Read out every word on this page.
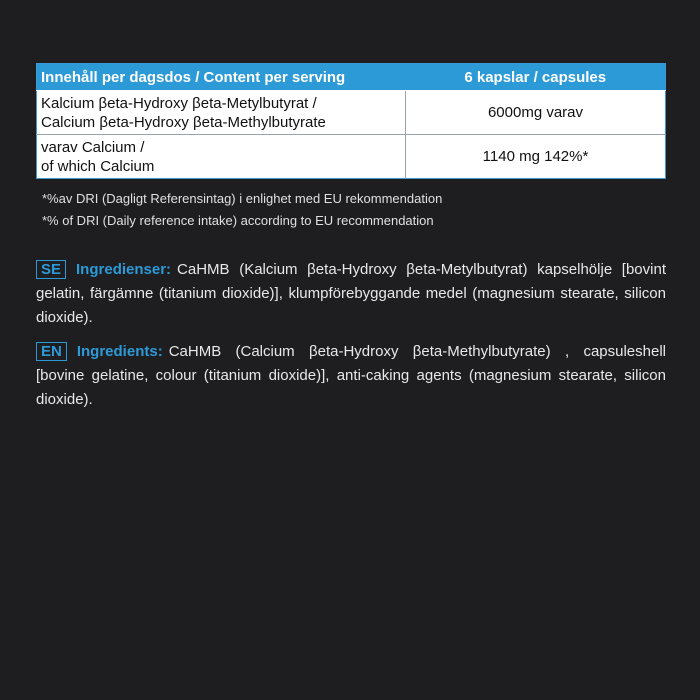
Innehåll per dagsdos / Content per serving	6 kapslar / capsules

Kalcium βeta-Hydroxy βeta-Metylbutyrat /
Calcium βeta-Hydroxy βeta-Methylbutyrate	6000mg varav

varav Calcium /
of which Calcium	1140 mg 142%*
*%av DRI (Dagligt Referensintag) i enlighet med EU rekommendation
*% of DRI (Daily reference intake) according to EU recommendation
SE Ingredienser: CaHMB (Kalcium βeta-Hydroxy βeta-Metylbutyrat) kapselhölje [bovint gelatin, färgämne (titanium dioxide)], klumpförebyggande medel (magnesium stearate, silicon dioxide).
EN Ingredients: CaHMB (Calcium βeta-Hydroxy βeta-Methylbutyrate) , capsuleshell [bovine gelatine, colour (titanium dioxide)], anti-caking agents (magnesium stearate, silicon dioxide).
